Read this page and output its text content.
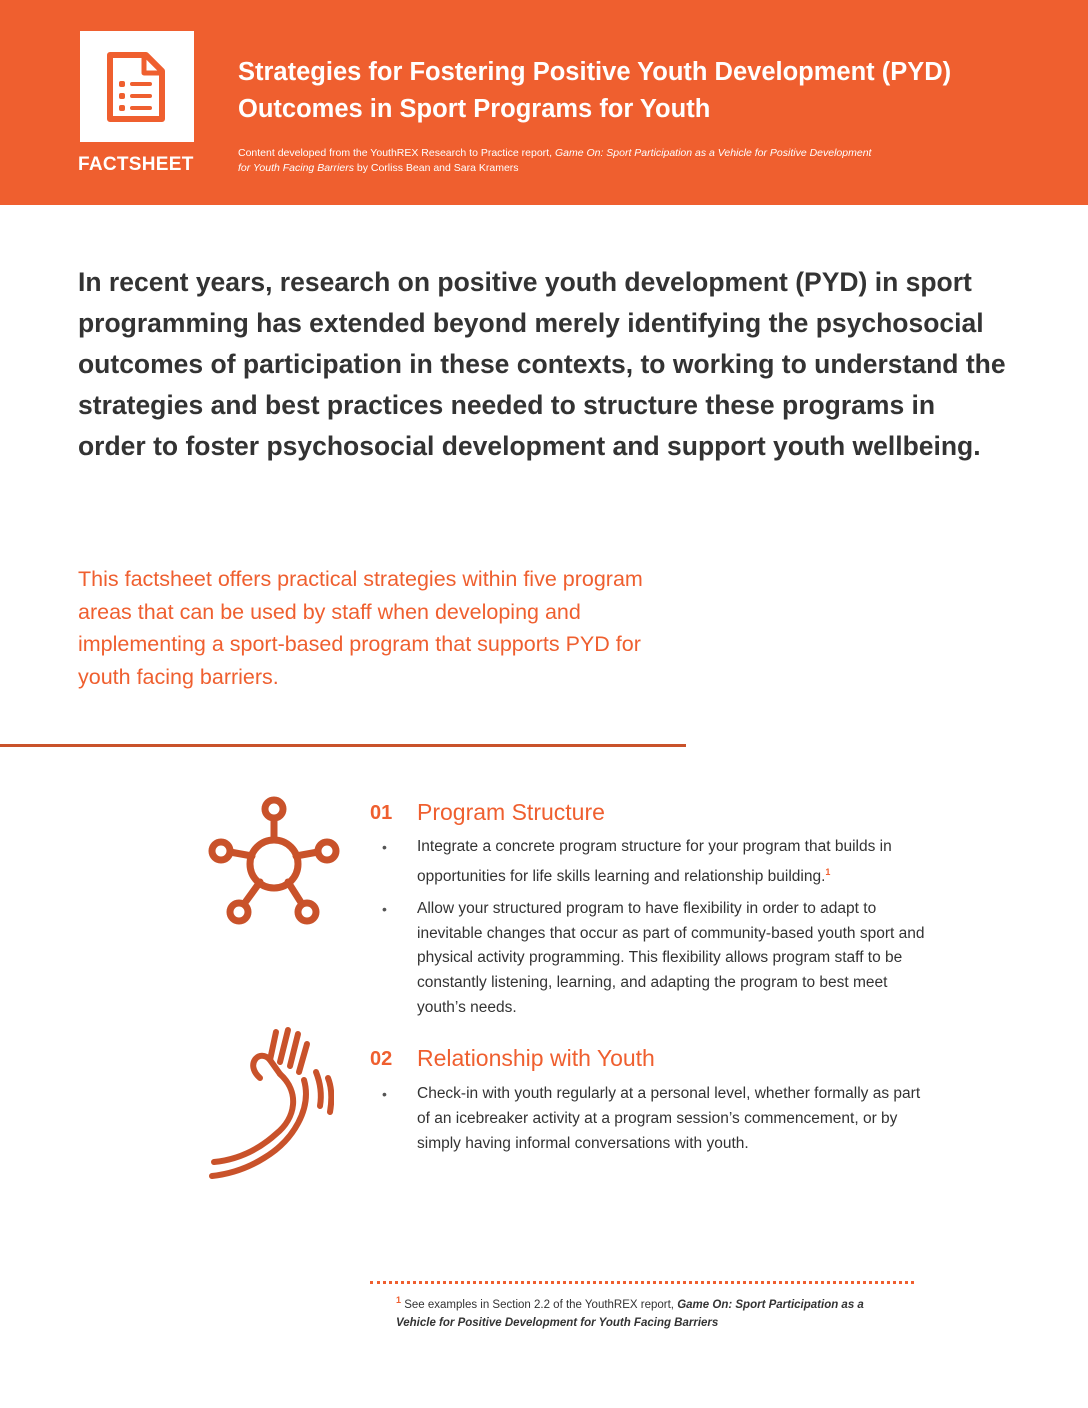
FACTSHEET
Strategies for Fostering Positive Youth Development (PYD)
Outcomes in Sport Programs for Youth

Content developed from the YouthREX Research to Practice report, Game On: Sport Participation as a Vehicle for Positive Development for Youth Facing Barriers by Corliss Bean and Sara Kramers

In recent years, research on positive youth development (PYD) in sport programming has extended beyond merely identifying the psychosocial outcomes of participation in these contexts, to working to understand the strategies and best practices needed to structure these programs in order to foster psychosocial development and support youth wellbeing.

This factsheet offers practical strategies within five program areas that can be used by staff when developing and implementing a sport-based program that supports PYD for youth facing barriers.

01 Program Structure
• Integrate a concrete program structure for your program that builds in opportunities for life skills learning and relationship building.$^1$
• Allow your structured program to have flexibility in order to adapt to inevitable changes that occur as part of community-based youth sport and physical activity programming. This flexibility allows program staff to be constantly listening, learning, and adapting the program to best meet youth’s needs.
02 Relationship with Youth
• Check-in with youth regularly at a personal level, whether formally as part of an icebreaker activity at a program session’s commencement, or by simply having informal conversations with youth.

$^1$ See examples in Section 2.2 of the YouthREX report, Game On: Sport Participation as a Vehicle for Positive Development for Youth Facing Barriers
